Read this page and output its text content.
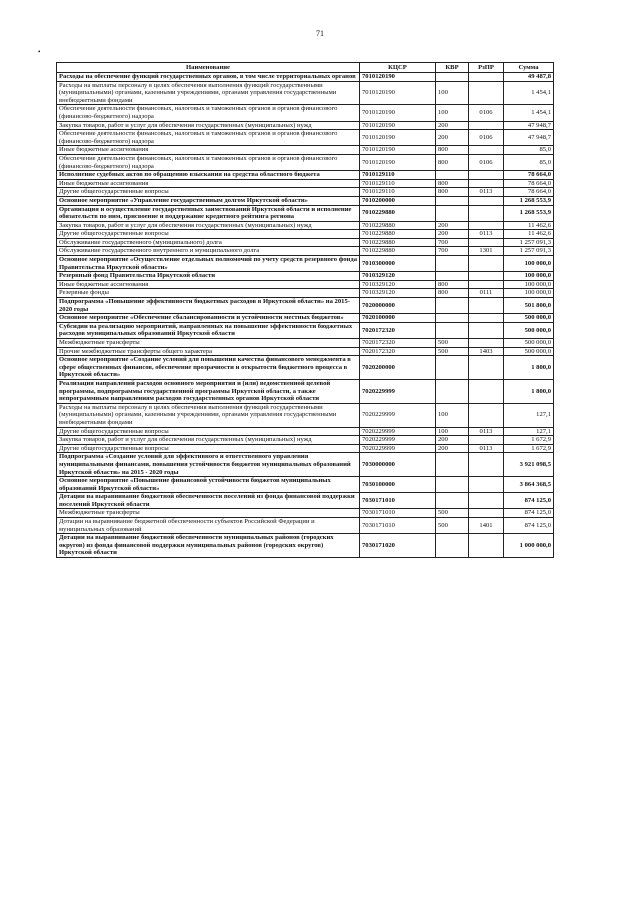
71
•
Наименование	КЦСР	КВР	РзПР	Сумма
Расходы на обеспечение функций государственных органов, в том числе территориальных органов	7010120190			49 487,8
Расходы на выплаты персоналу в целях обеспечения выполнения функций государственными (муниципальными) органами, казенными учреждениями, органами управления государственными внебюджетными фондами	7010120190	100		1 454,1
Обеспечение деятельности финансовых, налоговых и таможенных органов и органов финансового (финансово-бюджетного) надзора	7010120190	100	0106	1 454,1
Закупка товаров, работ и услуг для обеспечения государственных (муниципальных) нужд	7010120190	200		47 948,7
Обеспечение деятельности финансовых, налоговых и таможенных органов и органов финансового (финансово-бюджетного) надзора	7010120190	200	0106	47 948,7
Иные бюджетные ассигнования	7010120190	800		85,0
Обеспечение деятельности финансовых, налоговых и таможенных органов и органов финансового (финансово-бюджетного) надзора	7010120190	800	0106	85,0
Исполнение судебных актов по обращению взыскания на средства областного бюджета	7010129110			78 664,0
Иные бюджетные ассигнования	7010129110	800		78 664,0
Другие общегосударственные вопросы	7010129110	800	0113	78 664,0
Основное мероприятие «Управление государственным долгом Иркутской области»	7010200000			1 268 553,9
Организация и осуществление государственных заимствований Иркутской области и исполнение обязательств по ним, присвоение и поддержание кредитного рейтинга региона	7010229880			1 268 553,9
Закупка товаров, работ и услуг для обеспечения государственных (муниципальных) нужд	7010229880	200		11 462,6
Другие общегосударственные вопросы	7010229880	200	0113	11 462,6
Обслуживание государственного (муниципального) долга	7010229880	700		1 257 091,3
Обслуживание государственного внутреннего и муниципального долга	7010229880	700	1301	1 257 091,3
Основное мероприятие «Осуществление отдельных полномочий по учету средств резервного фонда Правительства Иркутской области»	7010300000			100 000,0
Резервный фонд Правительства Иркутской области	7010329120			100 000,0
Иные бюджетные ассигнования	7010329120	800		100 000,0
Резервные фонды	7010329120	800	0111	100 000,0
Подпрограмма «Повышение эффективности бюджетных расходов в Иркутской области» на 2015-2020 годы	7020000000			501 800,0
Основное мероприятие «Обеспечение сбалансированности и устойчивости местных бюджетов»	7020100000			500 000,0
Субсидии на реализацию мероприятий, направленных на повышение эффективности бюджетных расходов муниципальных образований Иркутской области	7020172320			500 000,0
Межбюджетные трансферты	7020172320	500		500 000,0
Прочие межбюджетные трансферты общего характера	7020172320	500	1403	500 000,0
Основное мероприятие «Создание условий для повышения качества финансового менеджмента в сфере общественных финансов, обеспечение прозрачности и открытости бюджетного процесса в Иркутской области»	7020200000			1 800,0
Реализация направлений расходов основного мероприятия и (или) ведомственной целевой программы, подпрограммы государственной программы Иркутской области, а также непрограммным направлениям расходов государственных органов Иркутской области	7020229999			1 800,0
Расходы на выплаты персоналу в целях обеспечения выполнения функций государственными (муниципальными) органами, казенными учреждениями, органами управления государственными внебюджетными фондами	7020229999	100		127,1
Другие общегосударственные вопросы	7020229999	100	0113	127,1
Закупка товаров, работ и услуг для обеспечения государственных (муниципальных) нужд	7020229999	200		1 672,9
Другие общегосударственные вопросы	7020229999	200	0113	1 672,9
Подпрограмма «Создание условий для эффективного и ответственного управления муниципальными финансами, повышения устойчивости бюджетов муниципальных образований Иркутской области» на 2015 - 2020 годы	7030000000			3 921 098,5
Основное мероприятие «Повышение финансовой устойчивости бюджетов муниципальных образований Иркутской области»	7030100000			3 864 368,5
Дотации на выравнивание бюджетной обеспеченности поселений из фонда финансовой поддержки поселений Иркутской области	7030171010			874 125,0
Межбюджетные трансферты	7030171010	500		874 125,0
Дотации на выравнивание бюджетной обеспеченности субъектов Российской Федерации и муниципальных образований	7030171010	500	1401	874 125,0
Дотации на выравнивание бюджетной обеспеченности муниципальных районов (городских округов) из фонда финансовой поддержки муниципальных районов (городских округов) Иркутской области	7030171020			1 000 000,0
